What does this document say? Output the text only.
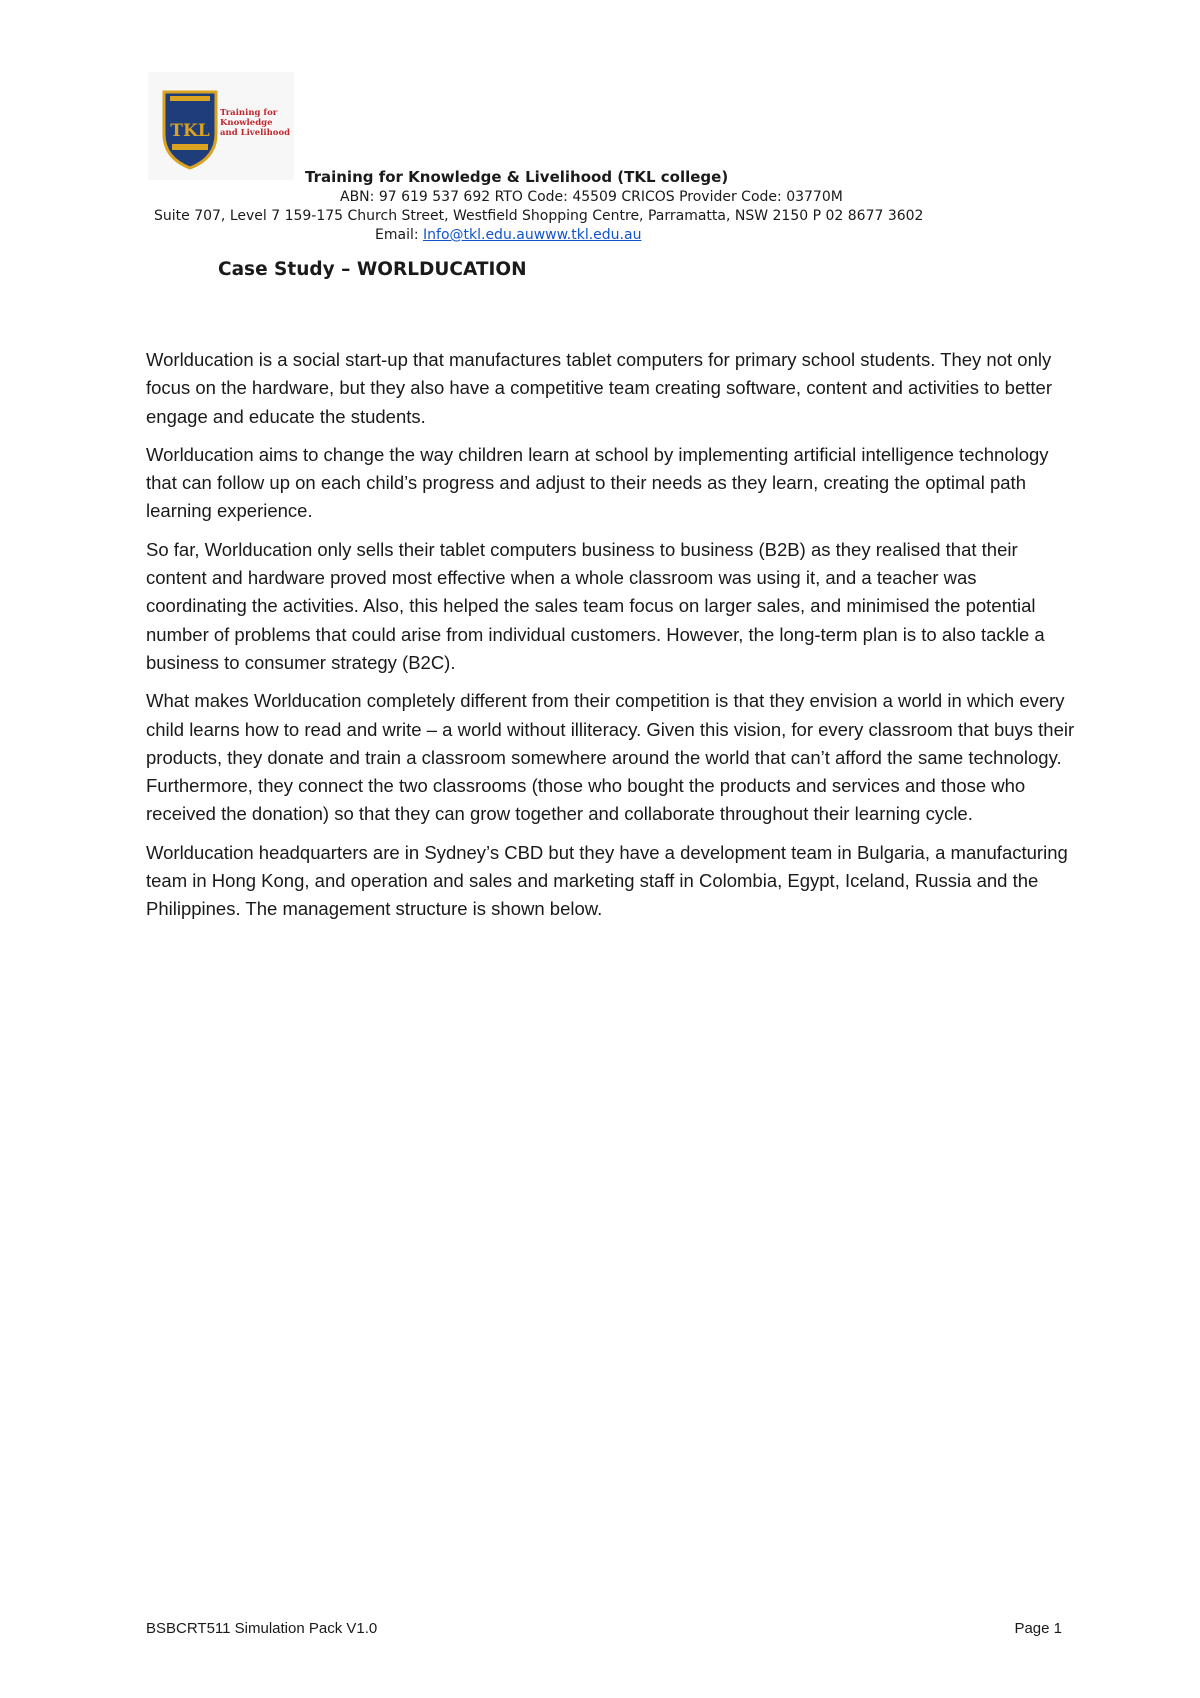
TKL
Training for
Knowledge
and Livelihood
Training for Knowledge & Livelihood (TKL college)
ABN: 97 619 537 692 RTO Code: 45509 CRICOS Provider Code: 03770M
Suite 707, Level 7 159-175 Church Street, Westfield Shopping Centre, Parramatta, NSW 2150 P 02 8677 3602
Email: Info@tkl.edu.auwww.tkl.edu.au
Case Study – WORLDUCATION

Worlducation is a social start-up that manufactures tablet computers for primary school students. They not only focus on the hardware, but they also have a competitive team creating software, content and activities to better engage and educate the students.

Worlducation aims to change the way children learn at school by implementing artificial intelligence technology that can follow up on each child’s progress and adjust to their needs as they learn, creating the optimal path learning experience.

So far, Worlducation only sells their tablet computers business to business (B2B) as they realised that their content and hardware proved most effective when a whole classroom was using it, and a teacher was coordinating the activities. Also, this helped the sales team focus on larger sales, and minimised the potential number of problems that could arise from individual customers. However, the long-term plan is to also tackle a business to consumer strategy (B2C).

What makes Worlducation completely different from their competition is that they envision a world in which every child learns how to read and write – a world without illiteracy. Given this vision, for every classroom that buys their products, they donate and train a classroom somewhere around the world that can’t afford the same technology. Furthermore, they connect the two classrooms (those who bought the products and services and those who received the donation) so that they can grow together and collaborate throughout their learning cycle.

Worlducation headquarters are in Sydney’s CBD but they have a development team in Bulgaria, a manufacturing team in Hong Kong, and operation and sales and marketing staff in Colombia, Egypt, Iceland, Russia and the Philippines. The management structure is shown below.

BSBCRT511 Simulation Pack V1.0	Page 1
